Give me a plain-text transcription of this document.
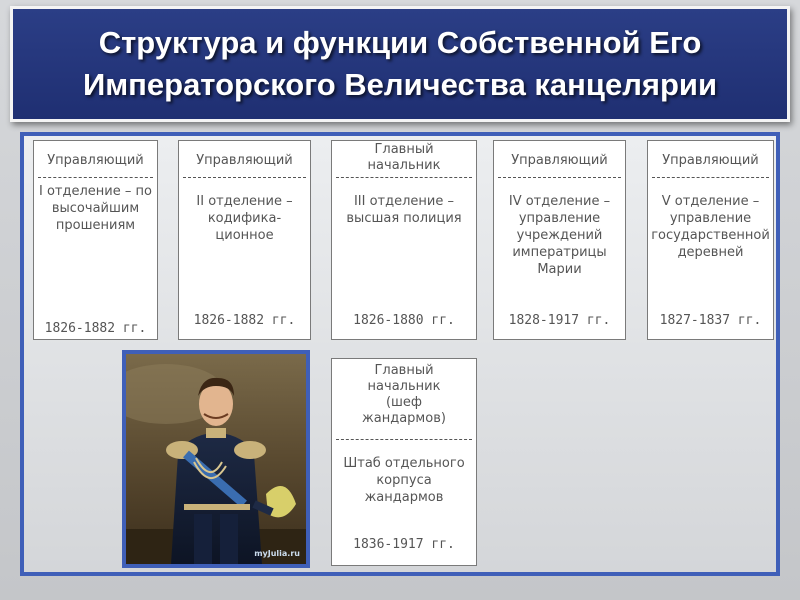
Структура и функции Собственной Его Императорского Величества канцелярии
Управляющий
I отделение – по высочайшим прошениям
1826-1882 гг.
Управляющий
II отделение – кодифика-ционное
1826-1882 гг.
Главный начальник
III отделение – высшая полиция
1826-1880 гг.
Управляющий
IV отделение – управление учреждений императрицы Марии
1828-1917 гг.
Управляющий
V отделение – управление государственной деревней
1827-1837 гг.
Главный начальник (шеф жандармов)
Штаб отдельного корпуса жандармов
1836-1917 гг.
myJulia.ru
